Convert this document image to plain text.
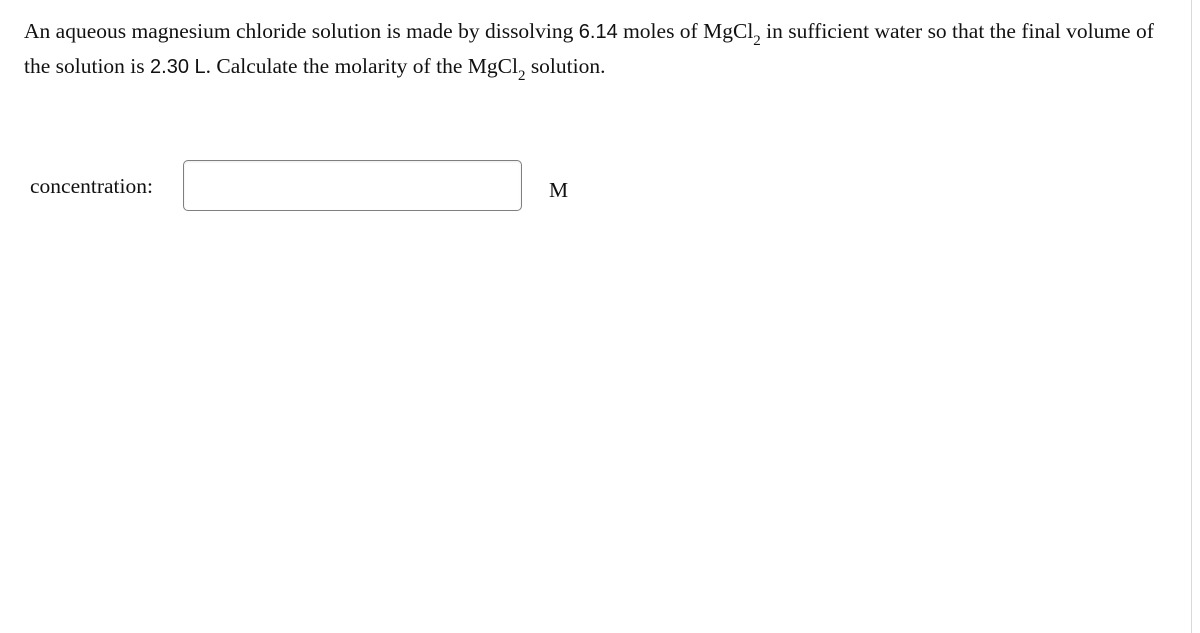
An aqueous magnesium chloride solution is made by dissolving 6.14 moles of MgCl$_2$ in sufficient water so that the final volume of the solution is 2.30 L. Calculate the molarity of the MgCl$_2$ solution.

concentration:	M
